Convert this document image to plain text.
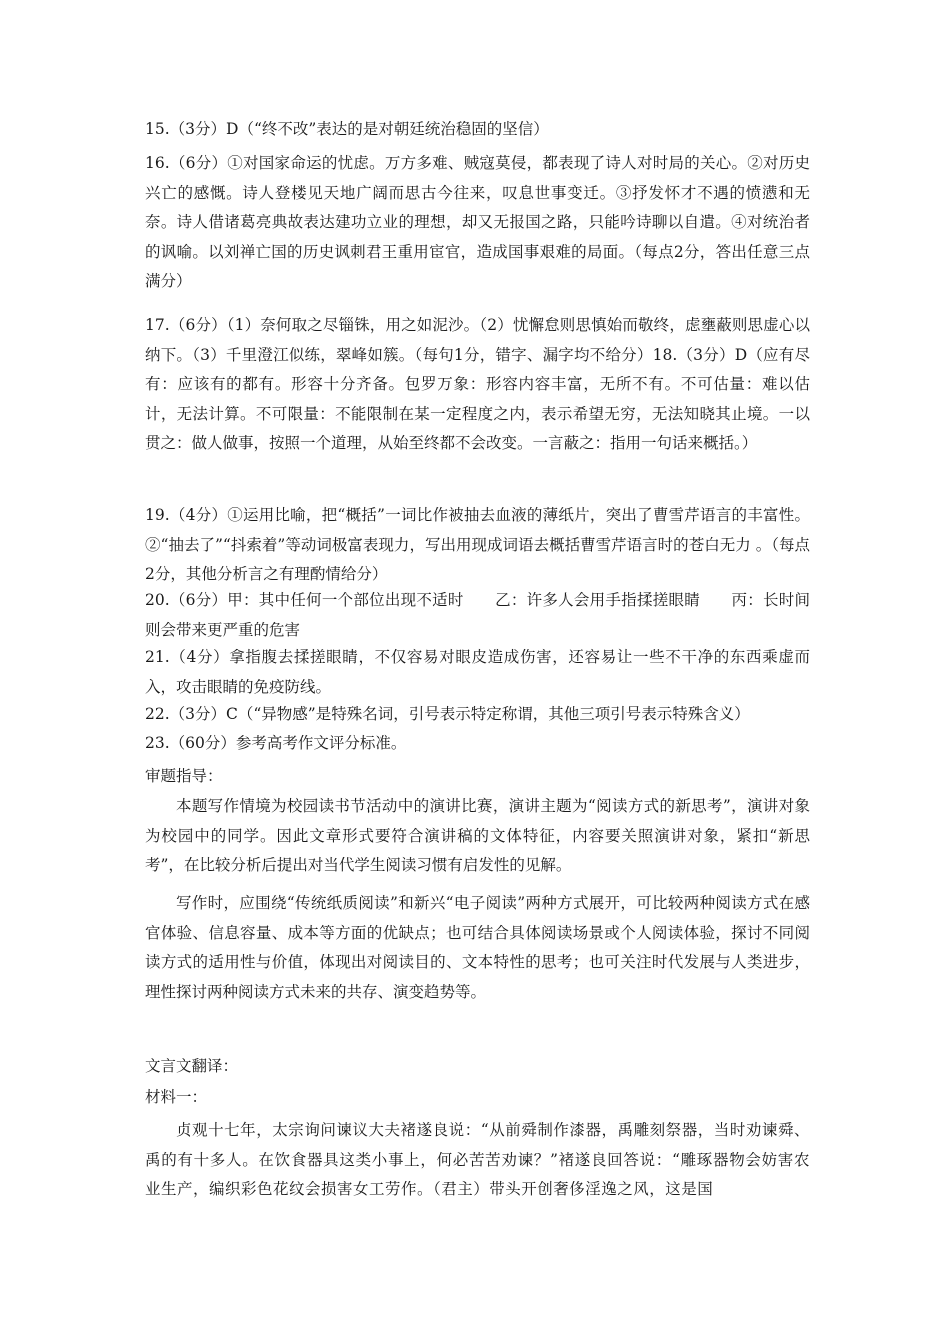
15.（3分）D（“终不改”表达的是对朝廷统治稳固的坚信）
16.（6分）①对国家命运的忧虑。万方多难、贼寇莫侵，都表现了诗人对时局的关心。②对历史兴亡的感慨。诗人登楼见天地广阔而思古今往来，叹息世事变迁。③抒发怀才不遇的愤懑和无奈。诗人借诸葛亮典故表达建功立业的理想，却又无报国之路，只能吟诗聊以自遣。④对统治者的讽喻。以刘禅亡国的历史讽刺君王重用宦官，造成国事艰难的局面。（每点2分，答出任意三点满分）
17.（6分）（1）奈何取之尽锱铢，用之如泥沙。（2）忧懈怠则思慎始而敬终，虑壅蔽则思虚心以纳下。（3）千里澄江似练，翠峰如簇。（每句1分，错字、漏字均不给分）18.（3分）D（应有尽有：应该有的都有。形容十分齐备。包罗万象：形容内容丰富，无所不有。不可估量：难以估计，无法计算。不可限量：不能限制在某一定程度之内，表示希望无穷，无法知晓其止境。一以贯之：做人做事，按照一个道理，从始至终都不会改变。一言蔽之：指用一句话来概括。）
19.（4分）①运用比喻，把“概括”一词比作被抽去血液的薄纸片，突出了曹雪芹语言的丰富性。②“抽去了”“抖索着”等动词极富表现力，写出用现成词语去概括曹雪芹语言时的苍白无力 。（每点2分，其他分析言之有理酌情给分）
20.（6分）甲：其中任何一个部位出现不适时　　乙：许多人会用手指揉搓眼睛　　丙：长时间则会带来更严重的危害
21.（4分）拿指腹去揉搓眼睛，不仅容易对眼皮造成伤害，还容易让一些不干净的东西乘虚而入，攻击眼睛的免疫防线。
22.（3分）C（“异物感”是特殊名词，引号表示特定称谓，其他三项引号表示特殊含义）
23.（60分）参考高考作文评分标准。
审题指导：
本题写作情境为校园读书节活动中的演讲比赛，演讲主题为“阅读方式的新思考”，演讲对象为校园中的同学。因此文章形式要符合演讲稿的文体特征，内容要关照演讲对象，紧扣“新思考”，在比较分析后提出对当代学生阅读习惯有启发性的见解。
写作时，应围绕“传统纸质阅读”和新兴“电子阅读”两种方式展开，可比较两种阅读方式在感官体验、信息容量、成本等方面的优缺点；也可结合具体阅读场景或个人阅读体验，探讨不同阅读方式的适用性与价值，体现出对阅读目的、文本特性的思考；也可关注时代发展与人类进步，理性探讨两种阅读方式未来的共存、演变趋势等。
文言文翻译：
材料一：
贞观十七年，太宗询问谏议大夫褚遂良说：“从前舜制作漆器，禹雕刻祭器，当时劝谏舜、禹的有十多人。在饮食器具这类小事上，何必苦苦劝谏？”褚遂良回答说：“雕琢器物会妨害农业生产，编织彩色花纹会损害女工劳作。（君主）带头开创奢侈淫逸之风，这是国
